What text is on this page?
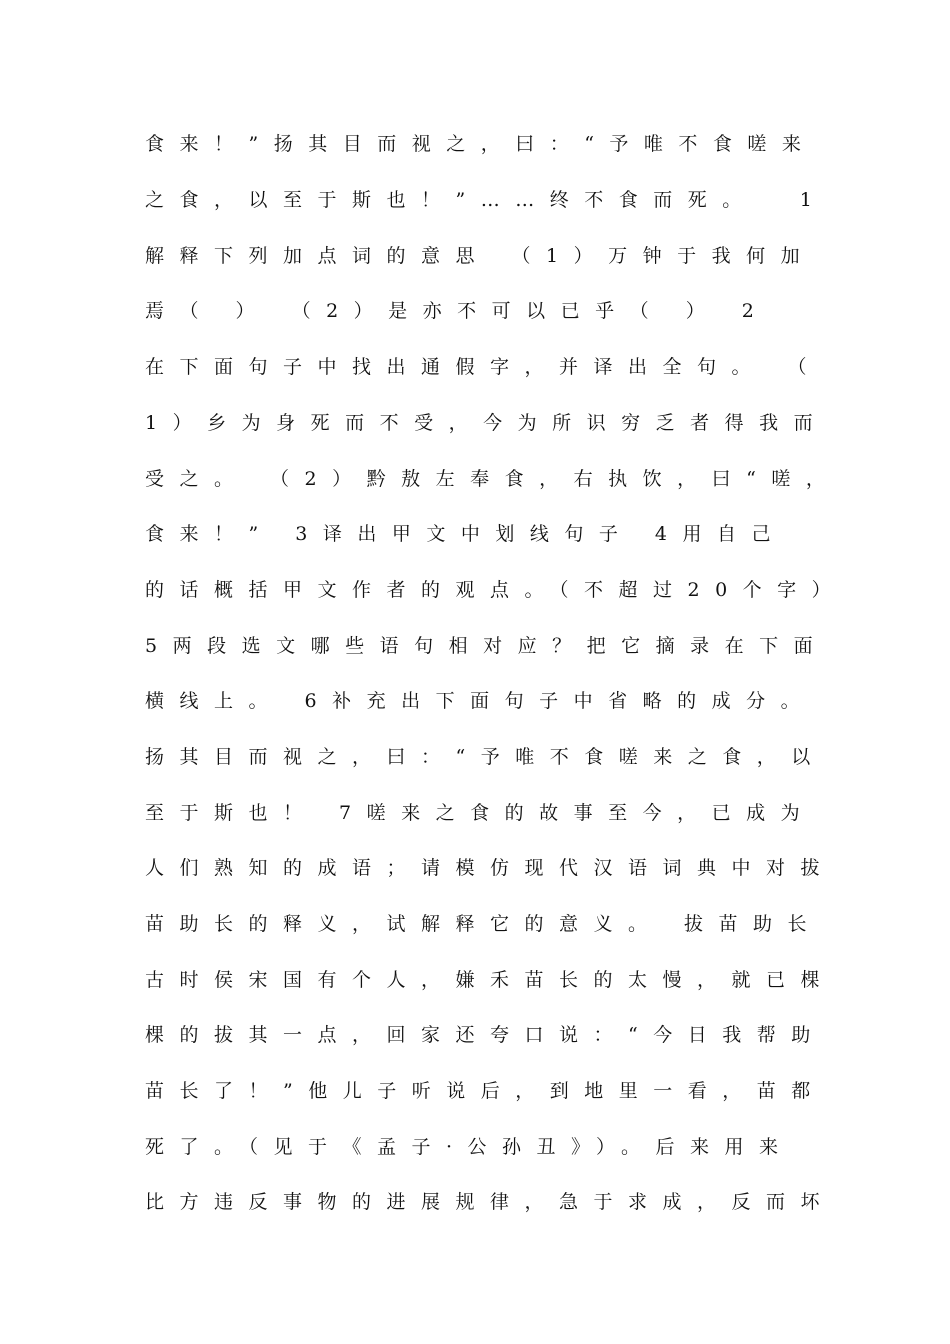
食来！”扬其目而视之，曰：“予唯不食嗟来
之食，以至于斯也！”……终不食而死。  1
解释下列加点词的意思 （1）万钟于我何加
焉（ ） （2）是亦不可以已乎（ ） 2
在下面句子中找出通假字，并译出全句。 （
1）乡为身死而不受，今为所识穷乏者得我而
受之。 （2）黔敖左奉食，右执饮，曰“嗟，
食来！” 3译出甲文中划线句子 4用自己
的话概括甲文作者的观点。（不超过20个字）
5两段选文哪些语句相对应？把它摘录在下面
横线上。 6补充出下面句子中省略的成分。
扬其目而视之，曰：“予唯不食嗟来之食，以
至于斯也！ 7嗟来之食的故事至今，已成为
人们熟知的成语；请模仿现代汉语词典中对拔
苗助长的释义，试解释它的意义。 拔苗助长
古时侯宋国有个人，嫌禾苗长的太慢，就已棵
棵的拔其一点，回家还夸口说：“今日我帮助
苗长了！”他儿子听说后，到地里一看，苗都
死了。（见于《孟子·公孙丑》）。后来用来
比方违反事物的进展规律，急于求成，反而坏
